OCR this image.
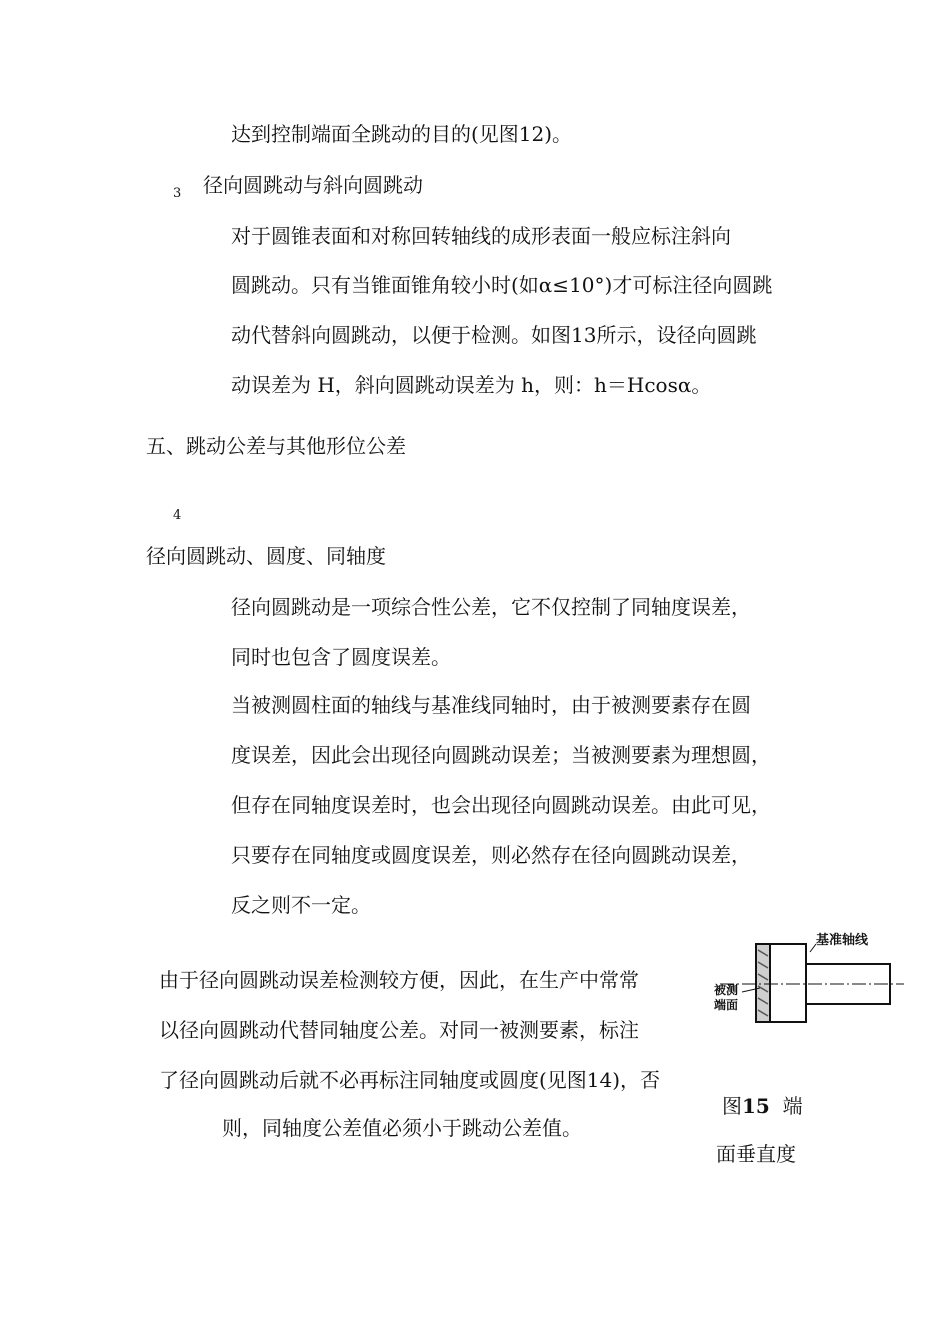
达到控制端面全跳动的目的(见图12)。
3 径向圆跳动与斜向圆跳动
对于圆锥表面和对称回转轴线的成形表面一般应标注斜向
圆跳动。只有当锥面锥角较小时(如α≤10°)才可标注径向圆跳
动代替斜向圆跳动，以便于检测。如图13所示，设径向圆跳
动误差为 H，斜向圆跳动误差为 h，则：h＝Hcosα。
五、跳动公差与其他形位公差
4
径向圆跳动、圆度、同轴度
径向圆跳动是一项综合性公差，它不仅控制了同轴度误差，
同时也包含了圆度误差。
当被测圆柱面的轴线与基准线同轴时，由于被测要素存在圆
度误差，因此会出现径向圆跳动误差；当被测要素为理想圆，
但存在同轴度误差时，也会出现径向圆跳动误差。由此可见，
只要存在同轴度或圆度误差，则必然存在径向圆跳动误差，
反之则不一定。
由于径向圆跳动误差检测较方便，因此，在生产中常常
以径向圆跳动代替同轴度公差。对同一被测要素，标注
了径向圆跳动后就不必再标注同轴度或圆度(见图14)，否
则，同轴度公差值必须小于跳动公差值。
基准轴线
被测
端面
图15 端
面垂直度
